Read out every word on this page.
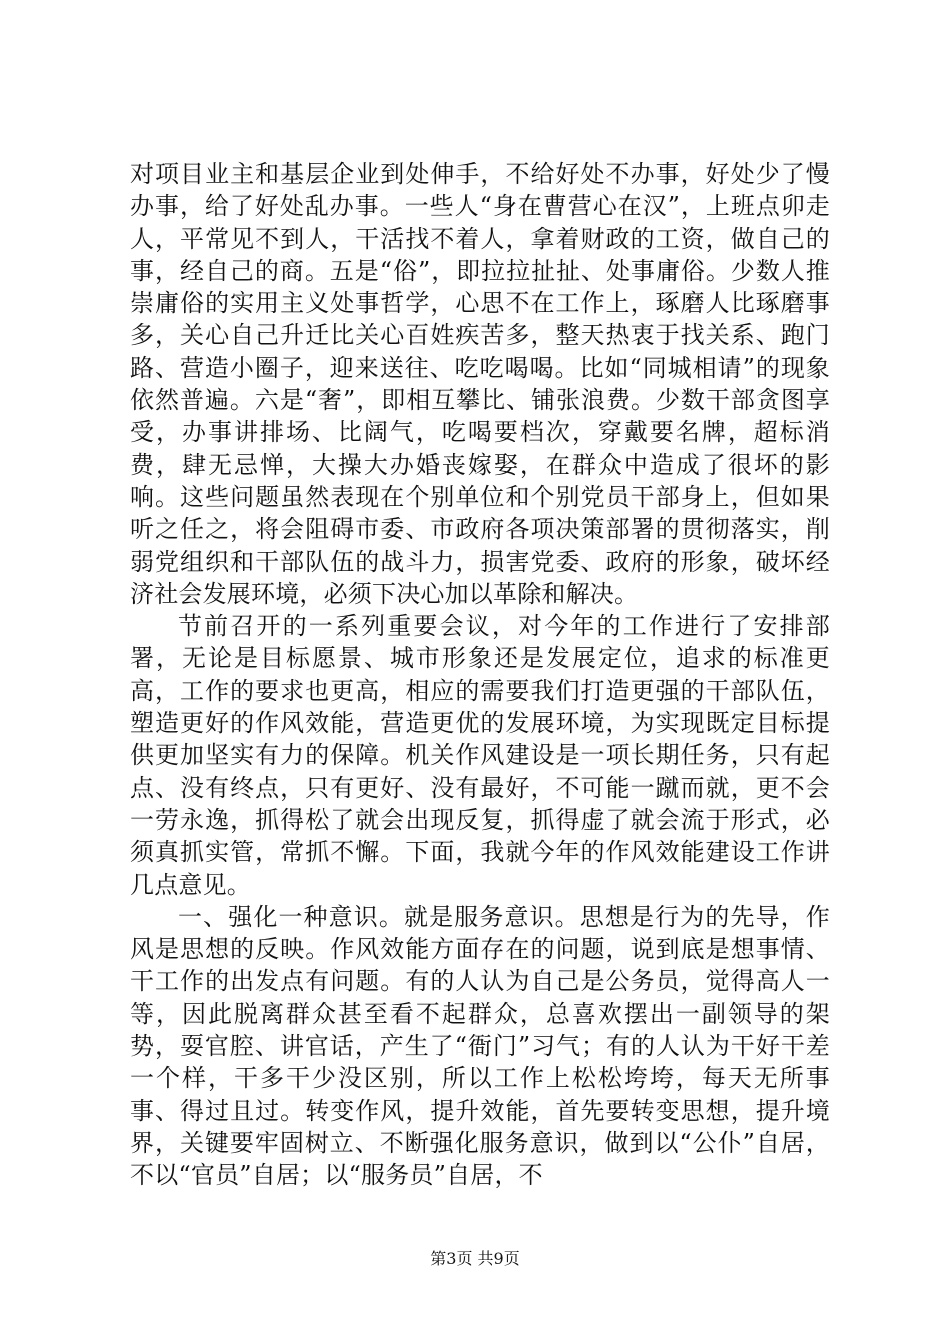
对项目业主和基层企业到处伸手，不给好处不办事，好处少了慢办事，给了好处乱办事。一些人“身在曹营心在汉”，上班点卯走人，平常见不到人，干活找不着人，拿着财政的工资，做自己的事，经自己的商。五是“俗”，即拉拉扯扯、处事庸俗。少数人推崇庸俗的实用主义处事哲学，心思不在工作上，琢磨人比琢磨事多，关心自己升迁比关心百姓疾苦多，整天热衷于找关系、跑门路、营造小圈子，迎来送往、吃吃喝喝。比如“同城相请”的现象依然普遍。六是“奢”，即相互攀比、铺张浪费。少数干部贪图享受，办事讲排场、比阔气，吃喝要档次，穿戴要名牌，超标消费，肆无忌惮，大操大办婚丧嫁娶，在群众中造成了很坏的影响。这些问题虽然表现在个别单位和个别党员干部身上，但如果听之任之，将会阻碍市委、市政府各项决策部署的贯彻落实，削弱党组织和干部队伍的战斗力，损害党委、政府的形象，破坏经济社会发展环境，必须下决心加以革除和解决。

节前召开的一系列重要会议，对今年的工作进行了安排部署，无论是目标愿景、城市形象还是发展定位，追求的标准更高，工作的要求也更高，相应的需要我们打造更强的干部队伍，塑造更好的作风效能，营造更优的发展环境，为实现既定目标提供更加坚实有力的保障。机关作风建设是一项长期任务，只有起点、没有终点，只有更好、没有最好，不可能一蹴而就，更不会一劳永逸，抓得松了就会出现反复，抓得虚了就会流于形式，必须真抓实管，常抓不懈。下面，我就今年的作风效能建设工作讲几点意见。

一、强化一种意识。就是服务意识。思想是行为的先导，作风是思想的反映。作风效能方面存在的问题，说到底是想事情、干工作的出发点有问题。有的人认为自己是公务员，觉得高人一等，因此脱离群众甚至看不起群众，总喜欢摆出一副领导的架势，耍官腔、讲官话，产生了“衙门”习气；有的人认为干好干差一个样，干多干少没区别，所以工作上松松垮垮，每天无所事事、得过且过。转变作风，提升效能，首先要转变思想，提升境界，关键要牢固树立、不断强化服务意识，做到以“公仆”自居，不以“官员”自居；以“服务员”自居，不

第3页 共9页
